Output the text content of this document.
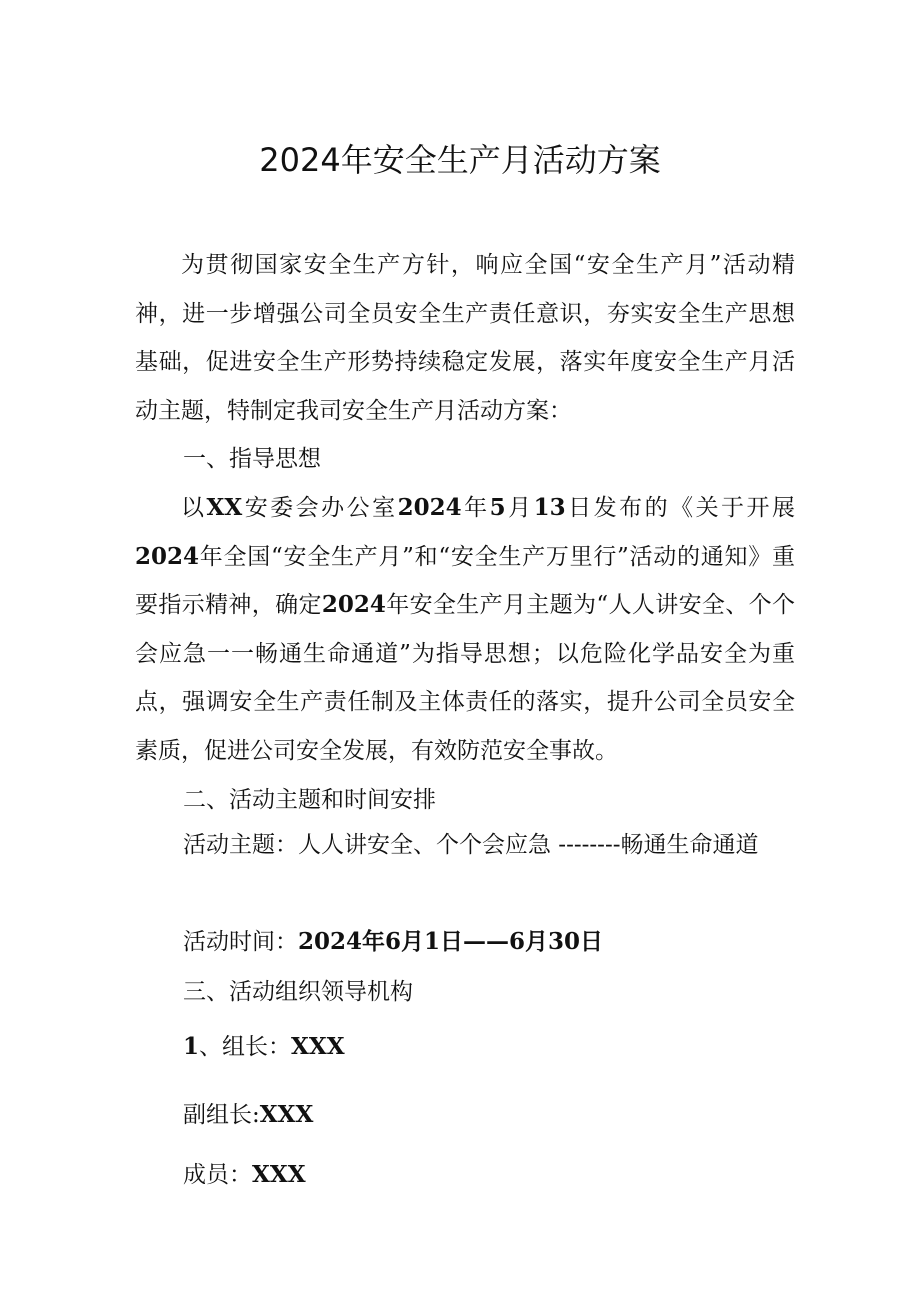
2024年安全生产月活动方案

为贯彻国家安全生产方针，响应全国“安全生产月”活动精神，进一步增强公司全员安全生产责任意识，夯实安全生产思想基础，促进安全生产形势持续稳定发展，落实年度安全生产月活动主题，特制定我司安全生产月活动方案：

一、指导思想

以XX安委会办公室2024年5月13日发布的《关于开展2024年全国“安全生产月”和“安全生产万里行”活动的通知》重要指示精神，确定2024年安全生产月主题为“人人讲安全、个个会应急一一畅通生命通道”为指导思想；以危险化学品安全为重点，强调安全生产责任制及主体责任的落实，提升公司全员安全素质，促进公司安全发展，有效防范安全事故。

二、活动主题和时间安排

活动主题：人人讲安全、个个会应急 --------畅通生命通道

活动时间：2024年6月1日——6月30日
三、活动组织领导机构
1、组长：XXX
副组长:XXX
成员：XXX
